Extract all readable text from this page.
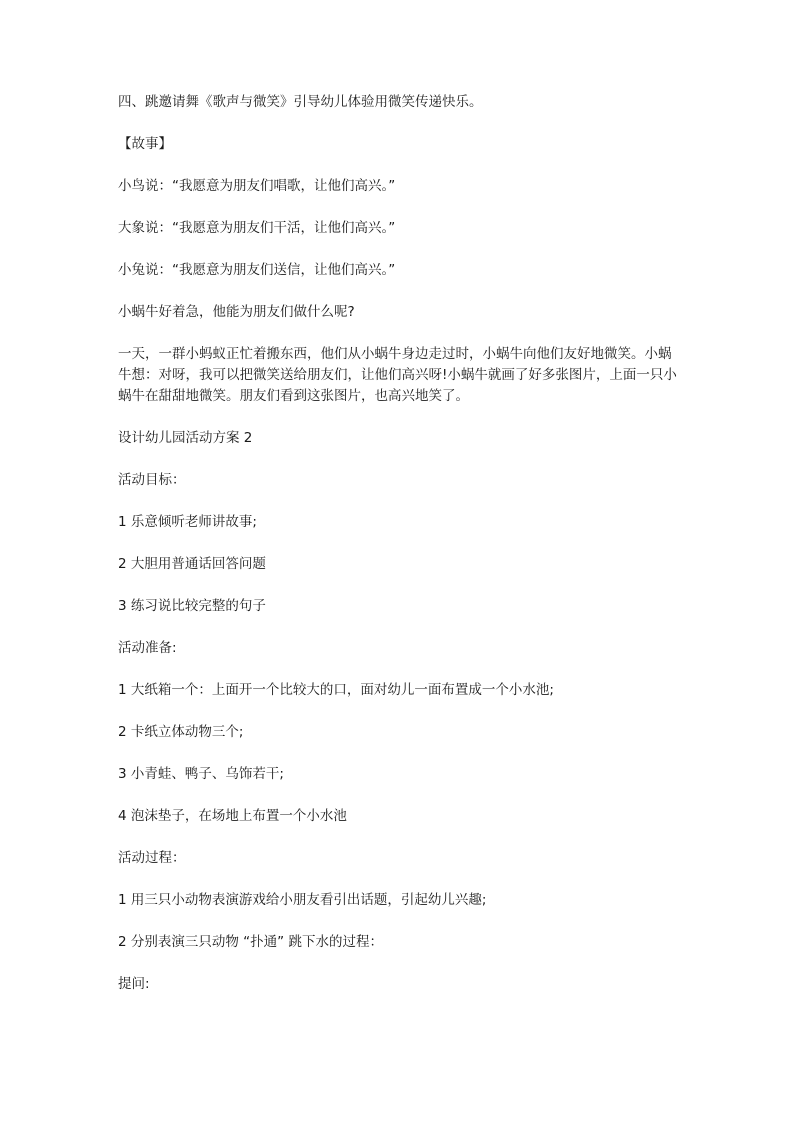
四、跳邀请舞《歌声与微笑》引导幼儿体验用微笑传递快乐。

【故事】

小鸟说：“我愿意为朋友们唱歌，让他们高兴。”

大象说：“我愿意为朋友们干活，让他们高兴。”

小兔说：“我愿意为朋友们送信，让他们高兴。”

小蜗牛好着急，他能为朋友们做什么呢?

一天，一群小蚂蚁正忙着搬东西，他们从小蜗牛身边走过时，小蜗牛向他们友好地微笑。小蜗牛想：对呀，我可以把微笑送给朋友们，让他们高兴呀!小蜗牛就画了好多张图片，上面一只小蜗牛在甜甜地微笑。朋友们看到这张图片，也高兴地笑了。

设计幼儿园活动方案 2

活动目标：

1 乐意倾听老师讲故事;

2 大胆用普通话回答问题

3 练习说比较完整的句子

活动准备:

1 大纸箱一个：上面开一个比较大的口，面对幼儿一面布置成一个小水池;

2 卡纸立体动物三个;

3 小青蛙、鸭子、乌饰若干;

4 泡沫垫子，在场地上布置一个小水池

活动过程：

1 用三只小动物表演游戏给小朋友看引出话题，引起幼儿兴趣;

2 分别表演三只动物 “扑通” 跳下水的过程：

提问:
